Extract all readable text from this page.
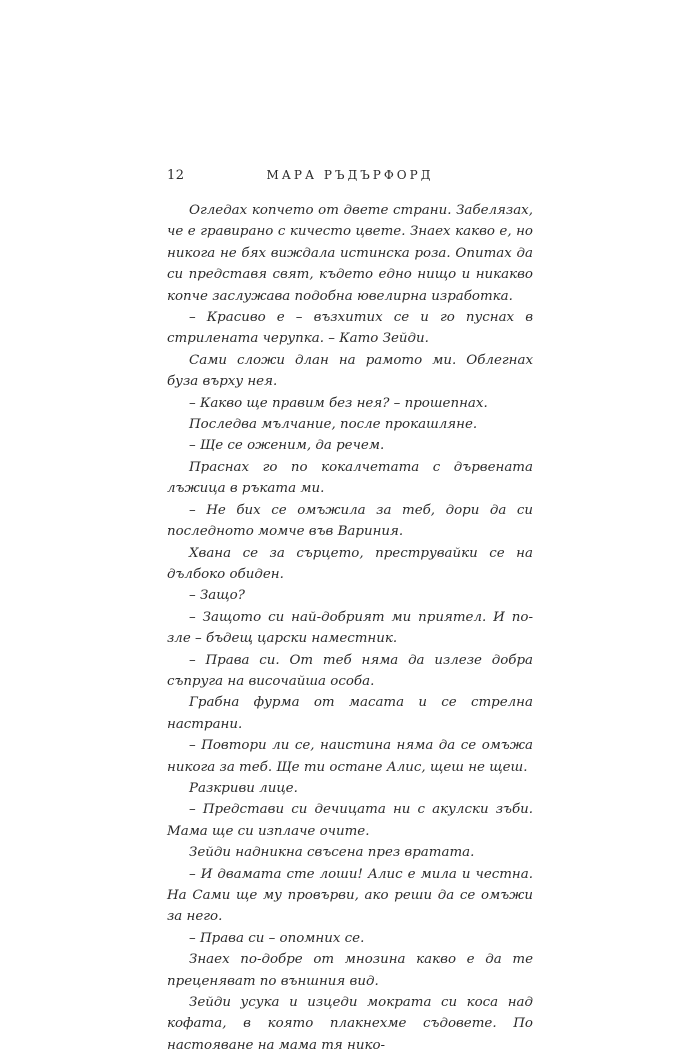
12	МАРА РЪДЪРФОРД

Огледах копчето от двете страни. Забелязах, че е гравирано с кичесто цвете. Знаех какво е, но никога не бях виждала истинска роза. Опитах да си представя свят, където едно нищо и никакво копче заслужава подобна ювелирна изработка.

– Красиво е – възхитих се и го пуснах в стрилената черупка. – Като Зейди.

Сами сложи длан на рамото ми. Облегнах буза върху нея.

– Какво ще правим без нея? – прошепнах.

Последва мълчание, после прокашляне.

– Ще се оженим, да речем.

Праснах го по кокалчетата с дървената лъжица в ръката ми.

– Не бих се омъжила за теб, дори да си последното момче във Вариния.

Хвана се за сърцето, преструвайки се на дълбоко обиден.

– Защо?

– Защото си най-добрият ми приятел. И по-зле – бъдещ царски наместник.

– Права си. От теб няма да излезе добра съпруга на височайша особа.

Грабна фурма от масата и се стрелна настрани.

– Повтори ли се, наистина няма да се омъжа никога за теб. Ще ти остане Алис, щеш не щеш.

Разкриви лице.

– Представи си дечицата ни с акулски зъби. Мама ще си изплаче очите.

Зейди надникна свъсена през вратата.

– И двамата сте лоши! Алис е мила и честна. На Сами ще му провърви, ако реши да се омъжи за него.

– Права си – опомних се.

Знаех по-добре от мнозина какво е да те преценяват по външния вид.

Зейди усука и изцеди мократа си коса над кофата, в която плакнехме съдовете. По настояване на мама тя нико-
